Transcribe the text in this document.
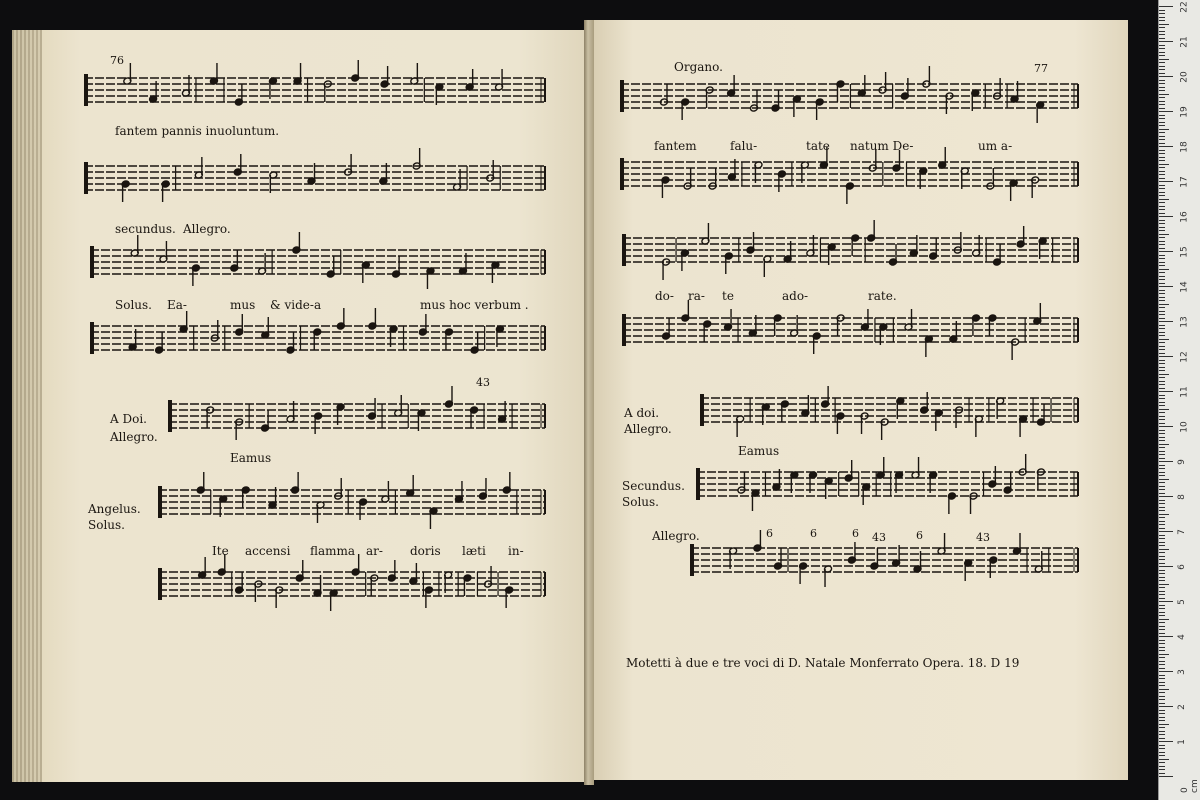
76
fantem pannis inuoluntum.
secundus. Allegro.
Solus. Ea-	mus & vide-a	mus hoc verbum .
43
A Doi.
Allegro.
Eamus
Angelus.
Solus.
Ite accensi flamma ar- doris læti in-
Organo.	77
fantem	falu-	tate natum De-	um a-
do- ra- te	ado-	rate.
A doi.
Allegro.
Eamus
Secundus.
Solus.
Allegro.	6	6	6 43	6	43
Motetti à due e tre voci di D. Natale Monferrato Opera. 18. D 19
22
21
20
19
18
17
16
15
14
13
12
11
10
9
8
7
6
5
4
3
2
1
0 cm
